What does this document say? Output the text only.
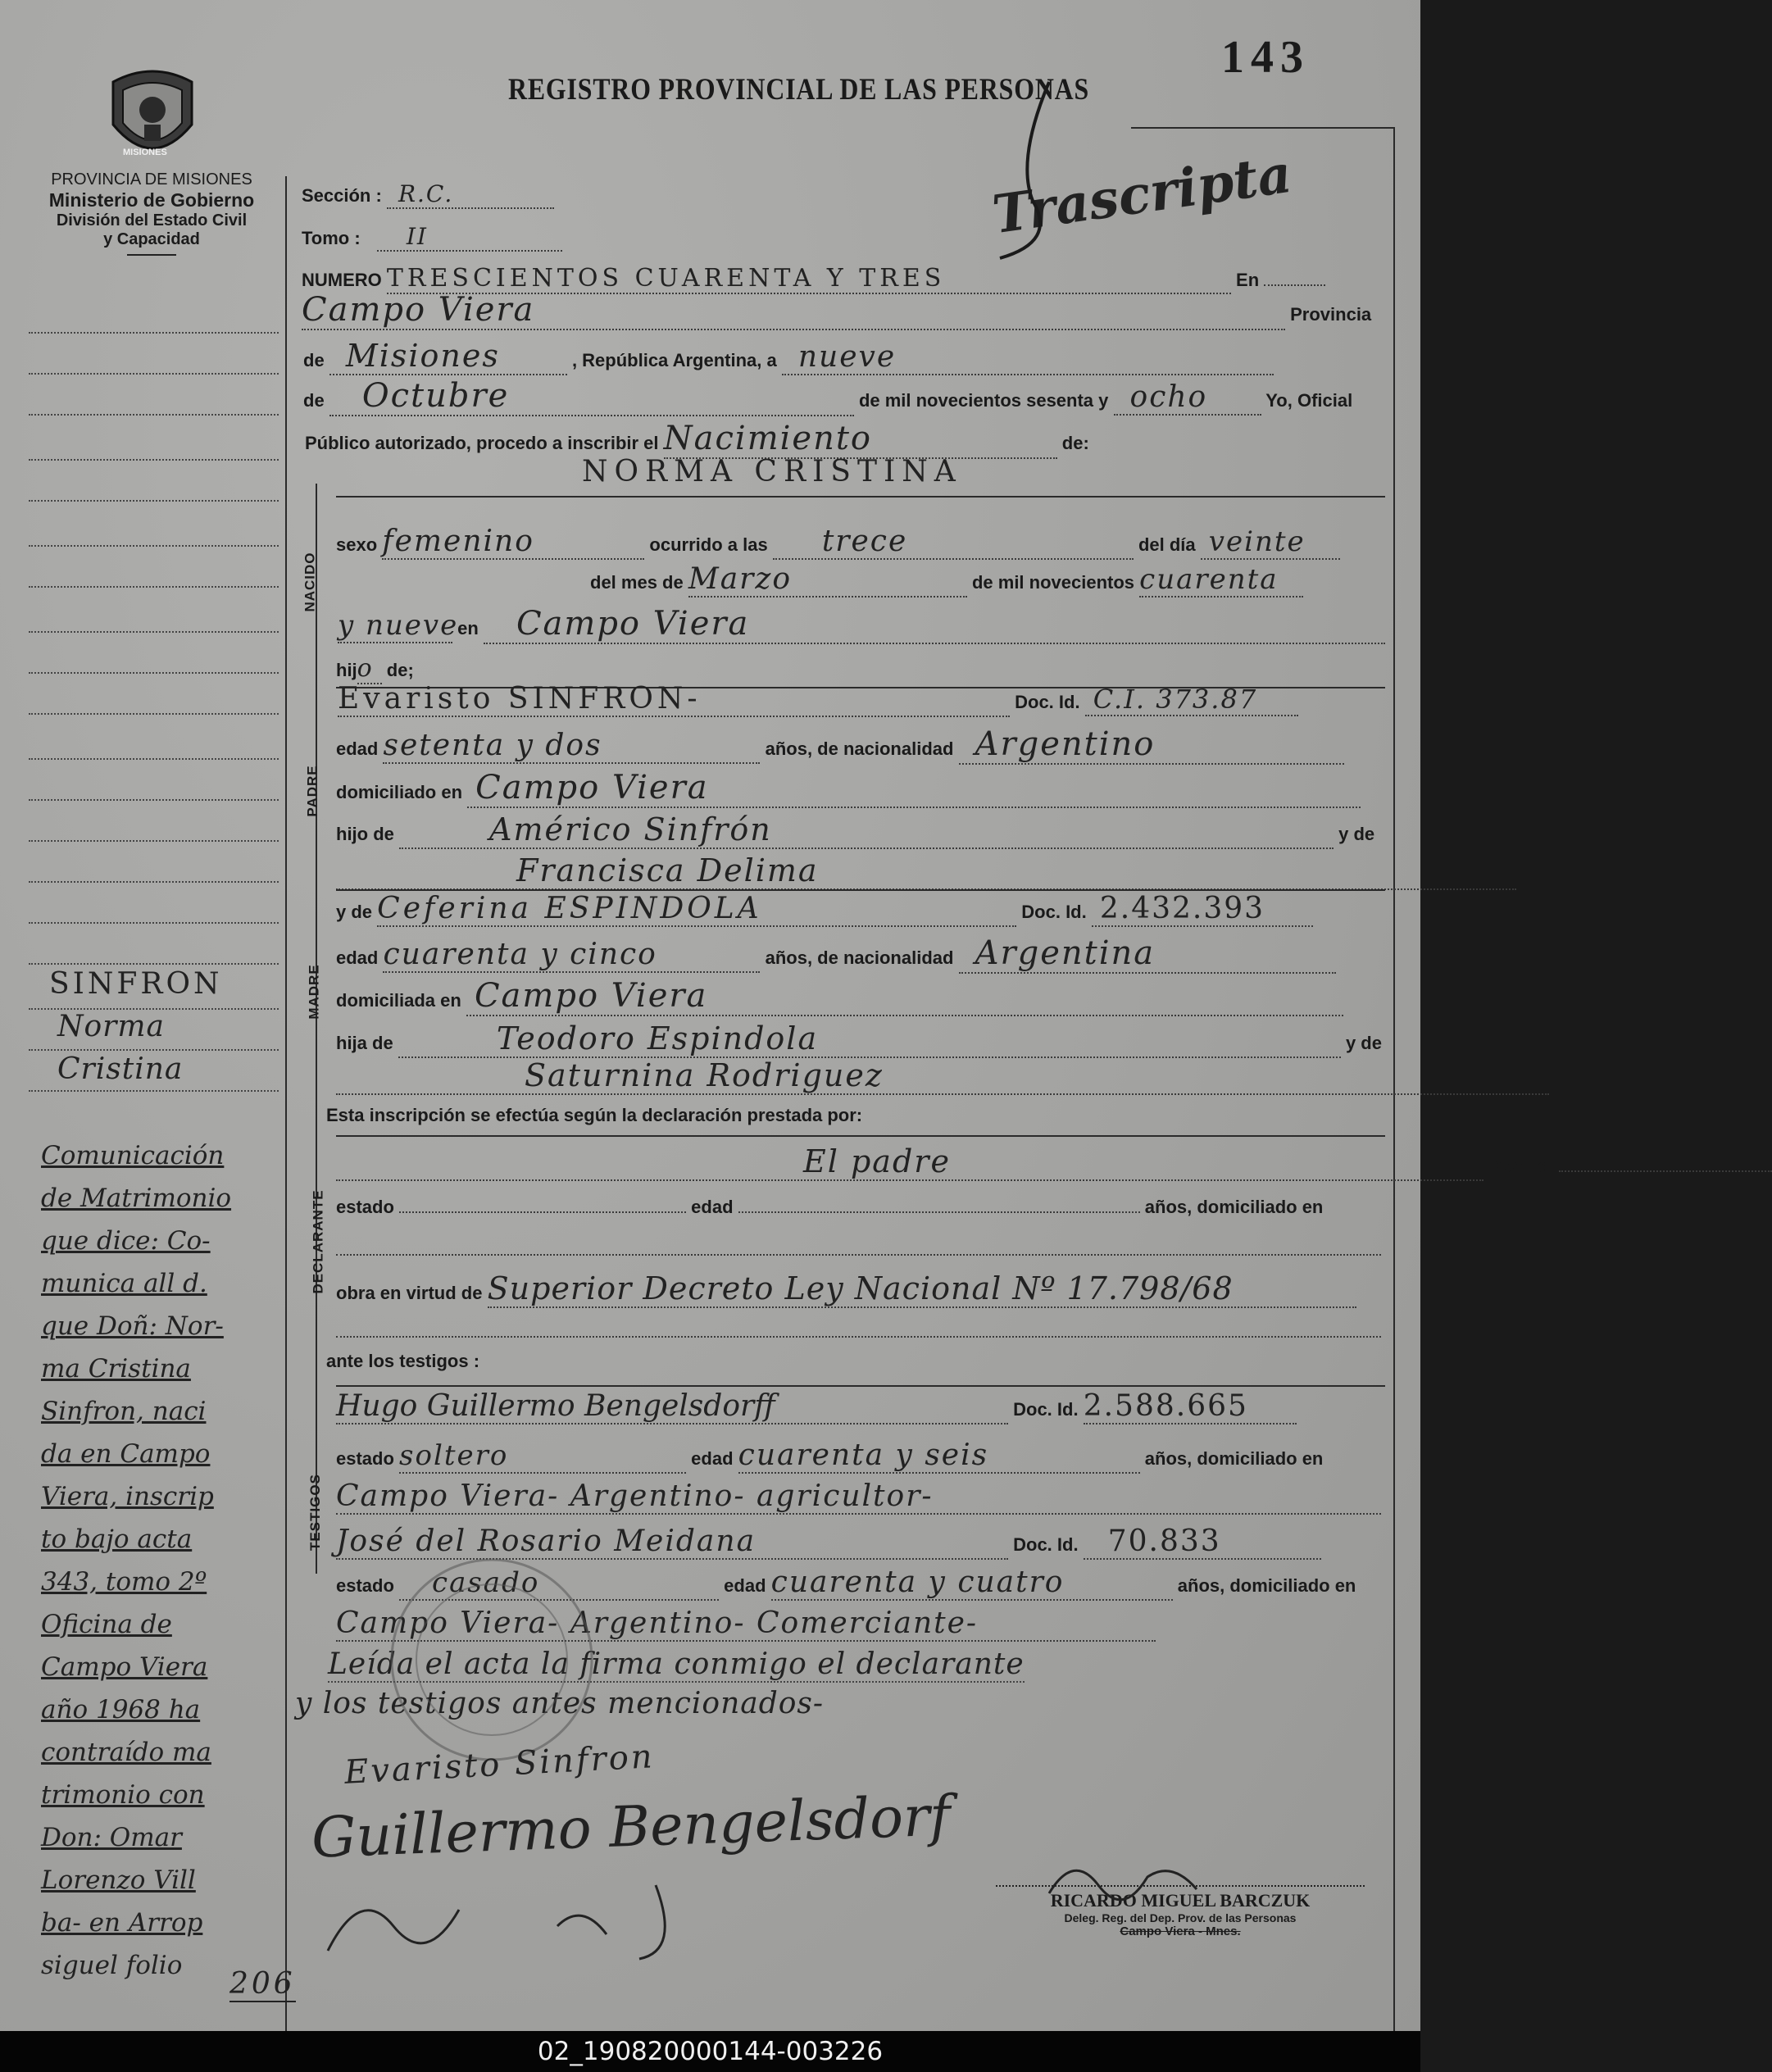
REGISTRO PROVINCIAL DE LAS PERSONAS
143
MISIONES
PROVINCIA DE MISIONES
Ministerio de Gobierno
División del Estado Civil
y Capacidad
SINFRON
Norma
Cristina
Comunicación
de Matrimonio
que dice: Co-
munica all d.
que Doñ: Nor-
ma Cristina
Sinfron, naci
da en Campo
Viera, inscrip
to bajo acta
343, tomo 2º
Oficina de
Campo Viera
año 1968 ha
contraído ma
trimonio con
Don: Omar
Lorenzo Vill
ba- en Arrop
siguel folio
206
Trascripta
Sección : R.C.
Tomo : II
NUMERO TRESCIENTOS CUARENTA Y TRES	En
Campo Viera	Provincia
de Misiones	, República Argentina, a nueve
de Octubre	de mil novecientos sesenta y ocho	Yo, Oficial
Público autorizado, procedo a inscribir el Nacimiento	de:
NORMA CRISTINA
NACIDO
sexo femenino	ocurrido a las trece	del día veinte
del mes de Marzo	de mil novecientos cuarenta
y nueve en Campo Viera
hijo de;
PADRE
Evaristo SINFRON-	Doc. Id. C.I. 373.87
edad setenta y dos	años, de nacionalidad Argentino
domiciliado en Campo Viera
hijo de	Américo Sinfrón	y de
Francisca Delima	;
MADRE
y de Ceferina ESPINDOLA	Doc. Id. 2.432.393
edad cuarenta y cinco	años, de nacionalidad Argentina
domiciliada en Campo Viera
hija de	Teodoro Espindola	y de
Saturnina Rodriguez
Esta inscripción se efectúa según la declaración prestada por:
DECLARANTE
El padre	Doc. Id.
estado	edad	años, domiciliado en
obra en virtud de Superior Decreto Ley Nacional Nº 17.798/68
ante los testigos :
TESTIGOS
Hugo Guillermo Bengelsdorff	Doc. Id. 2.588.665
estado soltero	edad cuarenta y seis	años, domiciliado en
Campo Viera- Argentino- agricultor-
José del Rosario Meidana	Doc. Id. 70.833
estado casado	edad cuarenta y cuatro	años, domiciliado en
Campo Viera- Argentino- Comerciante-
Leída el acta la firma conmigo el declarante
y los testigos antes mencionados-
Evaristo Sinfron
Guillermo Bengelsdorf
RICARDO MIGUEL BARCZUK
Deleg. Reg. del Dep. Prov. de las Personas
Campo Viera - Mnes.
02_190820000144-003226
